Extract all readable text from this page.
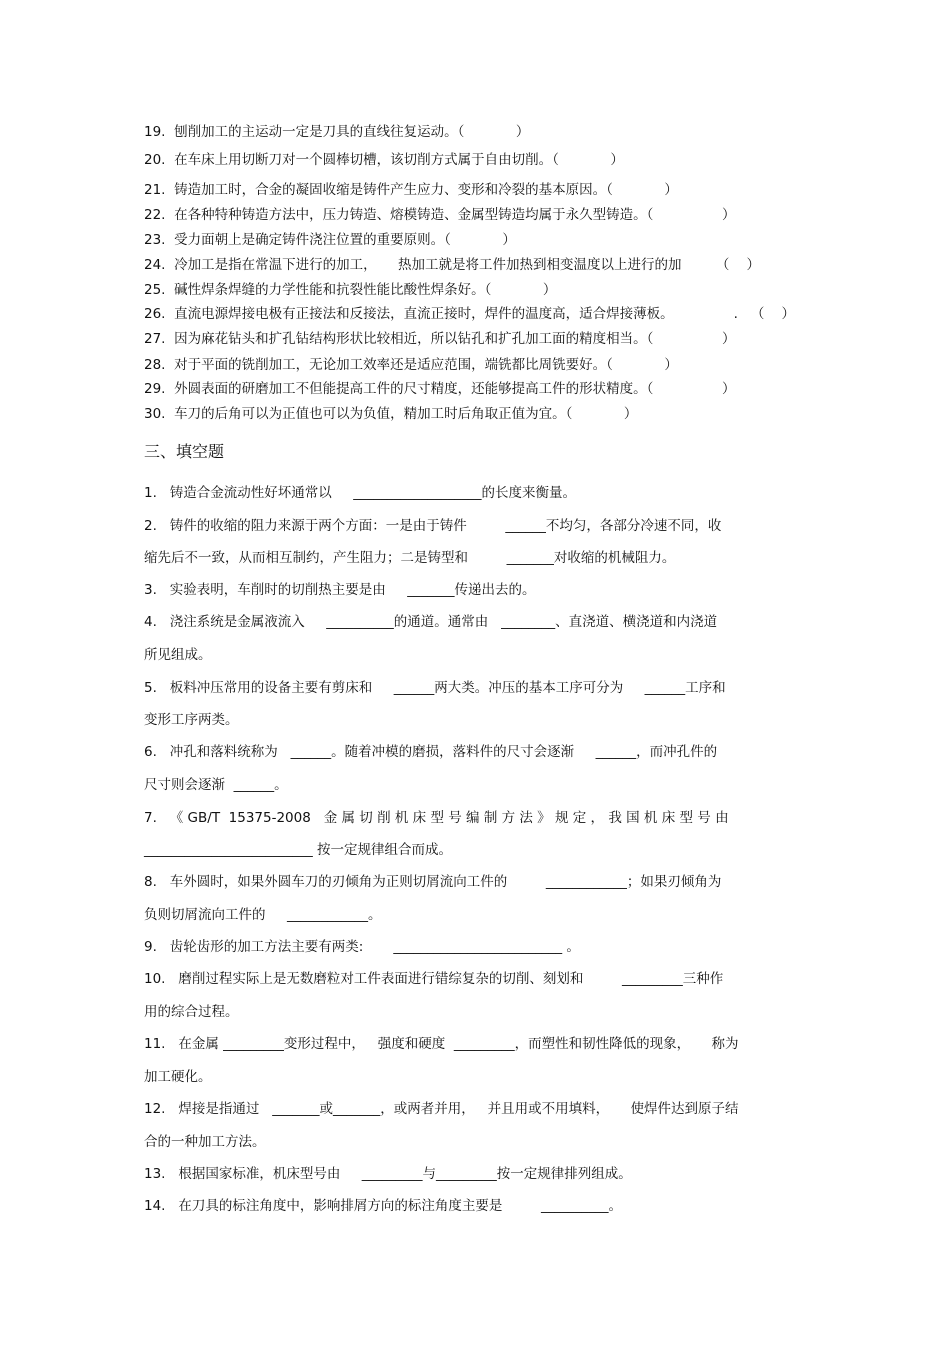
19. 刨削加工的主运动一定是刀具的直线往复运动。（            ）
20. 在车床上用切断刀对一个圆棒切槽，该切削方式属于自由切削。（            ）
21. 铸造加工时，合金的凝固收缩是铸件产生应力、变形和冷裂的基本原因。（            ）
22. 在各种特种铸造方法中，压力铸造、熔模铸造、金属型铸造均属于永久型铸造。（                ）
23. 受力面朝上是确定铸件浇注位置的重要原则。（            ）
24. 冷加工是指在常温下进行的加工，     热加工就是将工件加热到相变温度以上进行的加        （    ）
25. 碱性焊条焊缝的力学性能和抗裂性能比酸性焊条好。（            ）
26. 直流电源焊接电极有正接法和反接法，直流正接时，焊件的温度高，适合焊接薄板。              .   （    ）
27. 因为麻花钻头和扩孔钻结构形状比较相近，所以钻孔和扩孔加工面的精度相当。（                ）
28. 对于平面的铣削加工，无论加工效率还是适应范围，端铣都比周铣要好。（            ）
29. 外圆表面的研磨加工不但能提高工件的尺寸精度，还能够提高工件的形状精度。（                ）
30. 车刀的后角可以为正值也可以为负值，精加工时后角取正值为宜。（            ）
三、填空题
1.   铸造合金流动性好坏通常以     ___________________的长度来衡量。
2.   铸件的收缩的阻力来源于两个方面：一是由于铸件         ______不均匀，各部分冷速不同，收
缩先后不一致，从而相互制约，产生阻力；二是铸型和         _______对收缩的机械阻力。
3.   实验表明，车削时的切削热主要是由     _______传递出去的。
4.   浇注系统是金属液流入     __________的通道。通常由   ________、直浇道、横浇道和内浇道
所见组成。
5.   板料冲压常用的设备主要有剪床和     ______两大类。冲压的基本工序可分为     ______工序和
变形工序两类。
6.   冲孔和落料统称为   ______。随着冲模的磨损，落料件的尺寸会逐渐     ______，而冲孔件的
尺寸则会逐渐  ______。
7.   《 GB/T  15375-2008   金 属 切 削 机 床 型 号 编 制 方 法 》 规 定 ， 我 国 机 床 型 号 由
_________________________ 按一定规律组合而成。
8.   车外圆时，如果外圆车刀的刃倾角为正则切屑流向工件的         ____________；如果刃倾角为
负则切屑流向工件的     ____________。
9.   齿轮齿形的加工方法主要有两类:       _________________________ 。
10.   磨削过程实际上是无数磨粒对工件表面进行错综复杂的切削、刻划和         _________三种作
用的综合过程。
11.   在金属 _________变形过程中，   强度和硬度  _________，而塑性和韧性降低的现象，     称为
加工硬化。
12.   焊接是指通过   _______或_______，或两者并用，   并且用或不用填料，     使焊件达到原子结
合的一种加工方法。
13.   根据国家标准，机床型号由     _________与_________按一定规律排列组成。
14.   在刀具的标注角度中，影响排屑方向的标注角度主要是         __________。
